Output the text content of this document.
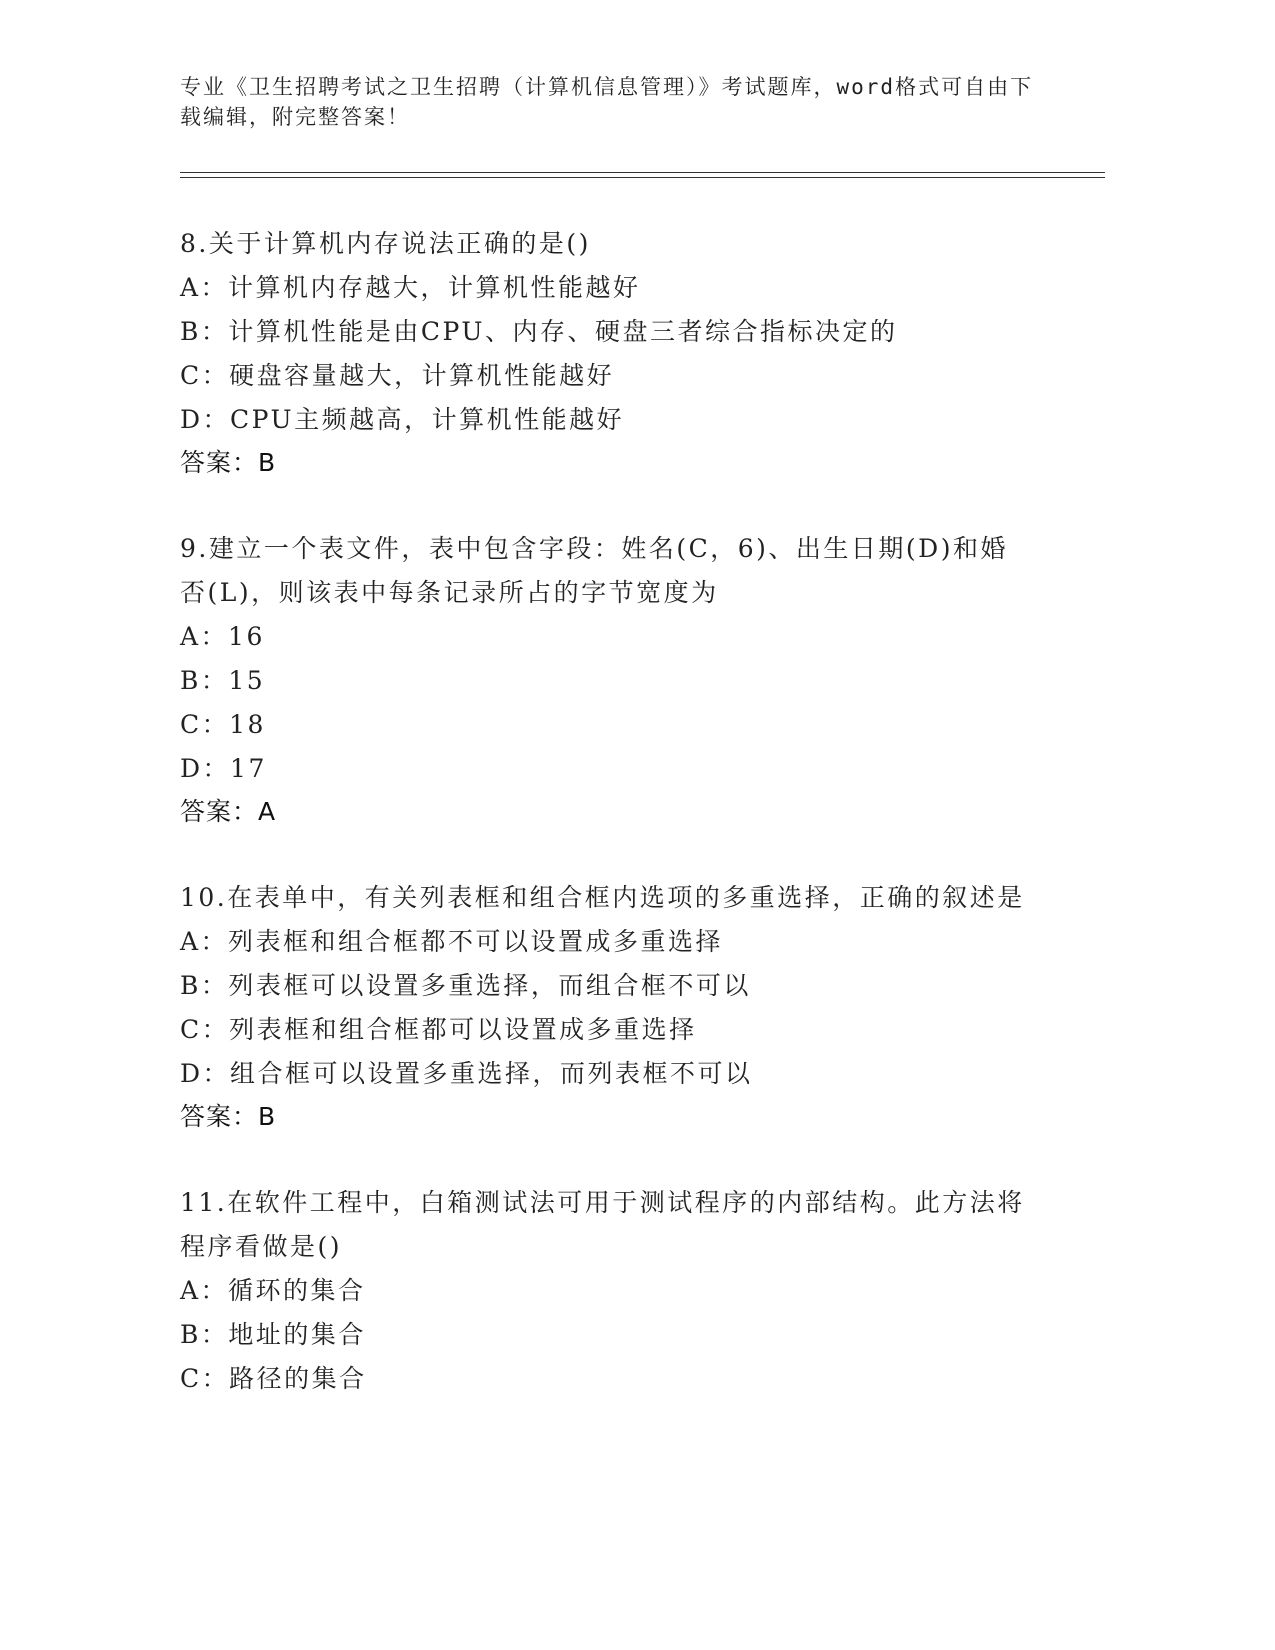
专业《卫生招聘考试之卫生招聘（计算机信息管理）》考试题库，word格式可自由下载编辑，附完整答案！
8.关于计算机内存说法正确的是()
A：计算机内存越大，计算机性能越好
B：计算机性能是由CPU、内存、硬盘三者综合指标决定的
C：硬盘容量越大，计算机性能越好
D：CPU主频越高，计算机性能越好
答案：B
9.建立一个表文件，表中包含字段：姓名(C，6)、出生日期(D)和婚否(L)，则该表中每条记录所占的字节宽度为
A：16
B：15
C：18
D：17
答案：A
10.在表单中，有关列表框和组合框内选项的多重选择，正确的叙述是
A：列表框和组合框都不可以设置成多重选择
B：列表框可以设置多重选择，而组合框不可以
C：列表框和组合框都可以设置成多重选择
D：组合框可以设置多重选择，而列表框不可以
答案：B
11.在软件工程中，白箱测试法可用于测试程序的内部结构。此方法将程序看做是()
A：循环的集合
B：地址的集合
C：路径的集合
